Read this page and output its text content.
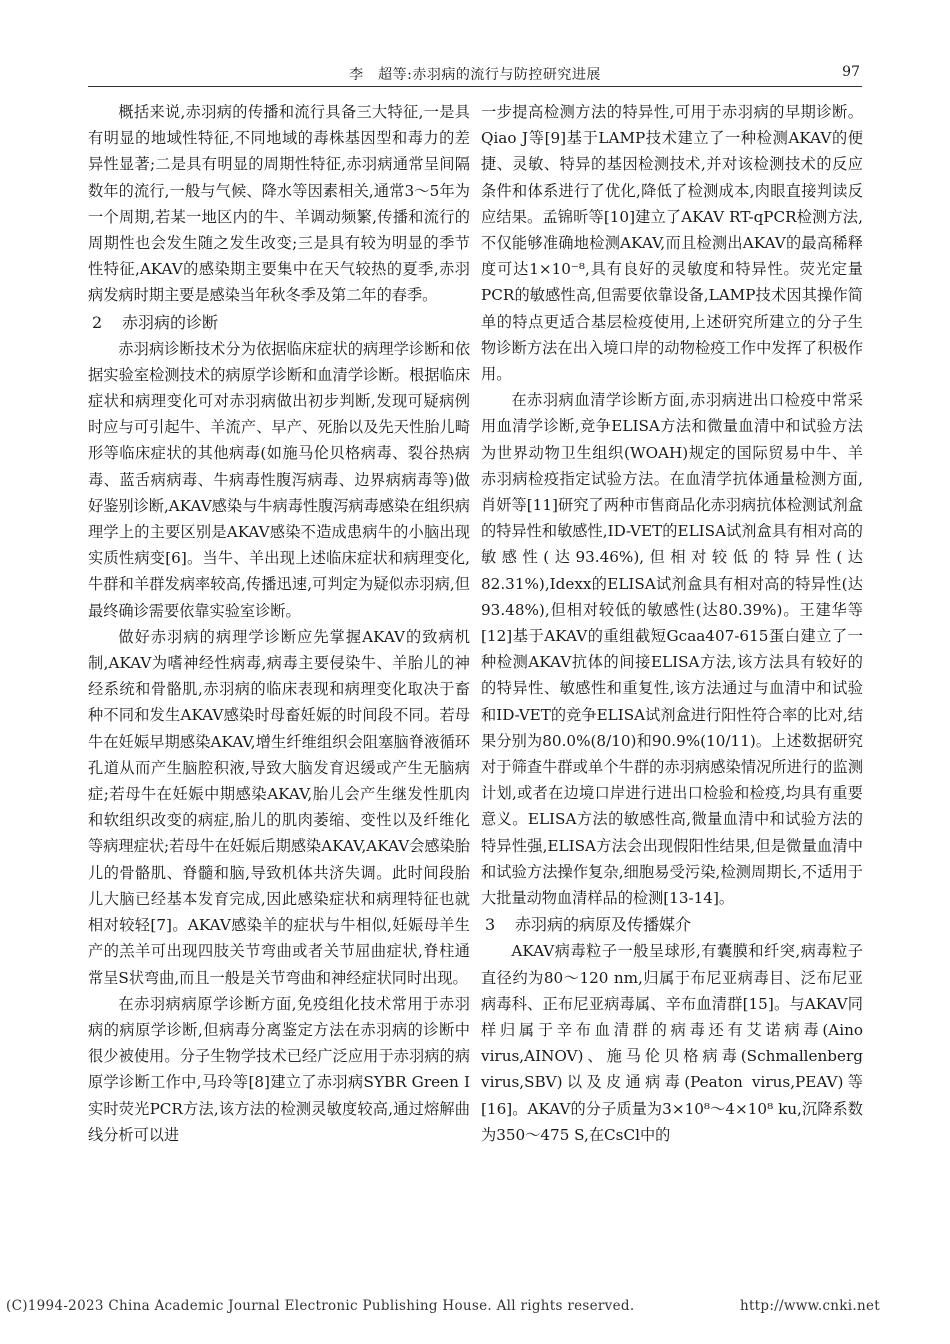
李　超等:赤羽病的流行与防控研究进展	97

概括来说,赤羽病的传播和流行具备三大特征,一是具有明显的地域性特征,不同地域的毒株基因型和毒力的差异性显著;二是具有明显的周期性特征,赤羽病通常呈间隔数年的流行,一般与气候、降水等因素相关,通常3～5年为一个周期,若某一地区内的牛、羊调动频繁,传播和流行的周期性也会发生随之发生改变;三是具有较为明显的季节性特征,AKAV的感染期主要集中在天气较热的夏季,赤羽病发病时期主要是感染当年秋冬季及第二年的春季。

2 赤羽病的诊断

赤羽病诊断技术分为依据临床症状的病理学诊断和依据实验室检测技术的病原学诊断和血清学诊断。根据临床症状和病理变化可对赤羽病做出初步判断,发现可疑病例时应与可引起牛、羊流产、早产、死胎以及先天性胎儿畸形等临床症状的其他病毒(如施马伦贝格病毒、裂谷热病毒、蓝舌病病毒、牛病毒性腹泻病毒、边界病病毒等)做好鉴别诊断,AKAV感染与牛病毒性腹泻病毒感染在组织病理学上的主要区别是AKAV感染不造成患病牛的小脑出现实质性病变[6]。当牛、羊出现上述临床症状和病理变化,牛群和羊群发病率较高,传播迅速,可判定为疑似赤羽病,但最终确诊需要依靠实验室诊断。

做好赤羽病的病理学诊断应先掌握AKAV的致病机制,AKAV为嗜神经性病毒,病毒主要侵染牛、羊胎儿的神经系统和骨骼肌,赤羽病的临床表现和病理变化取决于畜种不同和发生AKAV感染时母畜妊娠的时间段不同。若母牛在妊娠早期感染AKAV,增生纤维组织会阻塞脑脊液循环孔道从而产生脑腔积液,导致大脑发育迟缓或产生无脑病症;若母牛在妊娠中期感染AKAV,胎儿会产生继发性肌肉和软组织改变的病症,胎儿的肌肉萎缩、变性以及纤维化等病理症状;若母牛在妊娠后期感染AKAV,AKAV会感染胎儿的骨骼肌、脊髓和脑,导致机体共济失调。此时间段胎儿大脑已经基本发育完成,因此感染症状和病理特征也就相对较轻[7]。AKAV感染羊的症状与牛相似,妊娠母羊生产的羔羊可出现四肢关节弯曲或者关节屈曲症状,脊柱通常呈S状弯曲,而且一般是关节弯曲和神经症状同时出现。

在赤羽病病原学诊断方面,免疫组化技术常用于赤羽病的病原学诊断,但病毒分离鉴定方法在赤羽病的诊断中很少被使用。分子生物学技术已经广泛应用于赤羽病的病原学诊断工作中,马玲等[8]建立了赤羽病SYBR Green Ⅰ实时荧光PCR方法,该方法的检测灵敏度较高,通过熔解曲线分析可以进

一步提高检测方法的特异性,可用于赤羽病的早期诊断。Qiao J等[9]基于LAMP技术建立了一种检测AKAV的便捷、灵敏、特异的基因检测技术,并对该检测技术的反应条件和体系进行了优化,降低了检测成本,肉眼直接判读反应结果。孟锦昕等[10]建立了AKAV RT-qPCR检测方法,不仅能够准确地检测AKAV,而且检测出AKAV的最高稀释度可达1×10⁻⁸,具有良好的灵敏度和特异性。荧光定量PCR的敏感性高,但需要依靠设备,LAMP技术因其操作简单的特点更适合基层检疫使用,上述研究所建立的分子生物诊断方法在出入境口岸的动物检疫工作中发挥了积极作用。

在赤羽病血清学诊断方面,赤羽病进出口检疫中常采用血清学诊断,竞争ELISA方法和微量血清中和试验方法为世界动物卫生组织(WOAH)规定的国际贸易中牛、羊赤羽病检疫指定试验方法。在血清学抗体通量检测方面,肖妍等[11]研究了两种市售商品化赤羽病抗体检测试剂盒的特异性和敏感性,ID-VET的ELISA试剂盒具有相对高的敏感性(达93.46%),但相对较低的特异性(达82.31%),Idexx的ELISA试剂盒具有相对高的特异性(达93.48%),但相对较低的敏感性(达80.39%)。王建华等[12]基于AKAV的重组截短Gcaa407-615蛋白建立了一种检测AKAV抗体的间接ELISA方法,该方法具有较好的的特异性、敏感性和重复性,该方法通过与血清中和试验和ID-VET的竞争ELISA试剂盒进行阳性符合率的比对,结果分别为80.0%(8/10)和90.9%(10/11)。上述数据研究对于筛查牛群或单个牛群的赤羽病感染情况所进行的监测计划,或者在边境口岸进行进出口检验和检疫,均具有重要意义。ELISA方法的敏感性高,微量血清中和试验方法的特异性强,ELISA方法会出现假阳性结果,但是微量血清中和试验方法操作复杂,细胞易受污染,检测周期长,不适用于大批量动物血清样品的检测[13-14]。

3 赤羽病的病原及传播媒介

AKAV病毒粒子一般呈球形,有囊膜和纤突,病毒粒子直径约为80～120 nm,归属于布尼亚病毒目、泛布尼亚病毒科、正布尼亚病毒属、辛布血清群[15]。与AKAV同样归属于辛布血清群的病毒还有艾诺病毒(Aino virus,AINOV)、施马伦贝格病毒(Schmallenberg virus,SBV)以及皮通病毒(Peaton virus,PEAV)等[16]。AKAV的分子质量为3×10⁸～4×10⁸ ku,沉降系数为350～475 S,在CsCl中的

(C)1994-2023 China Academic Journal Electronic Publishing House. All rights reserved.	http://www.cnki.net
